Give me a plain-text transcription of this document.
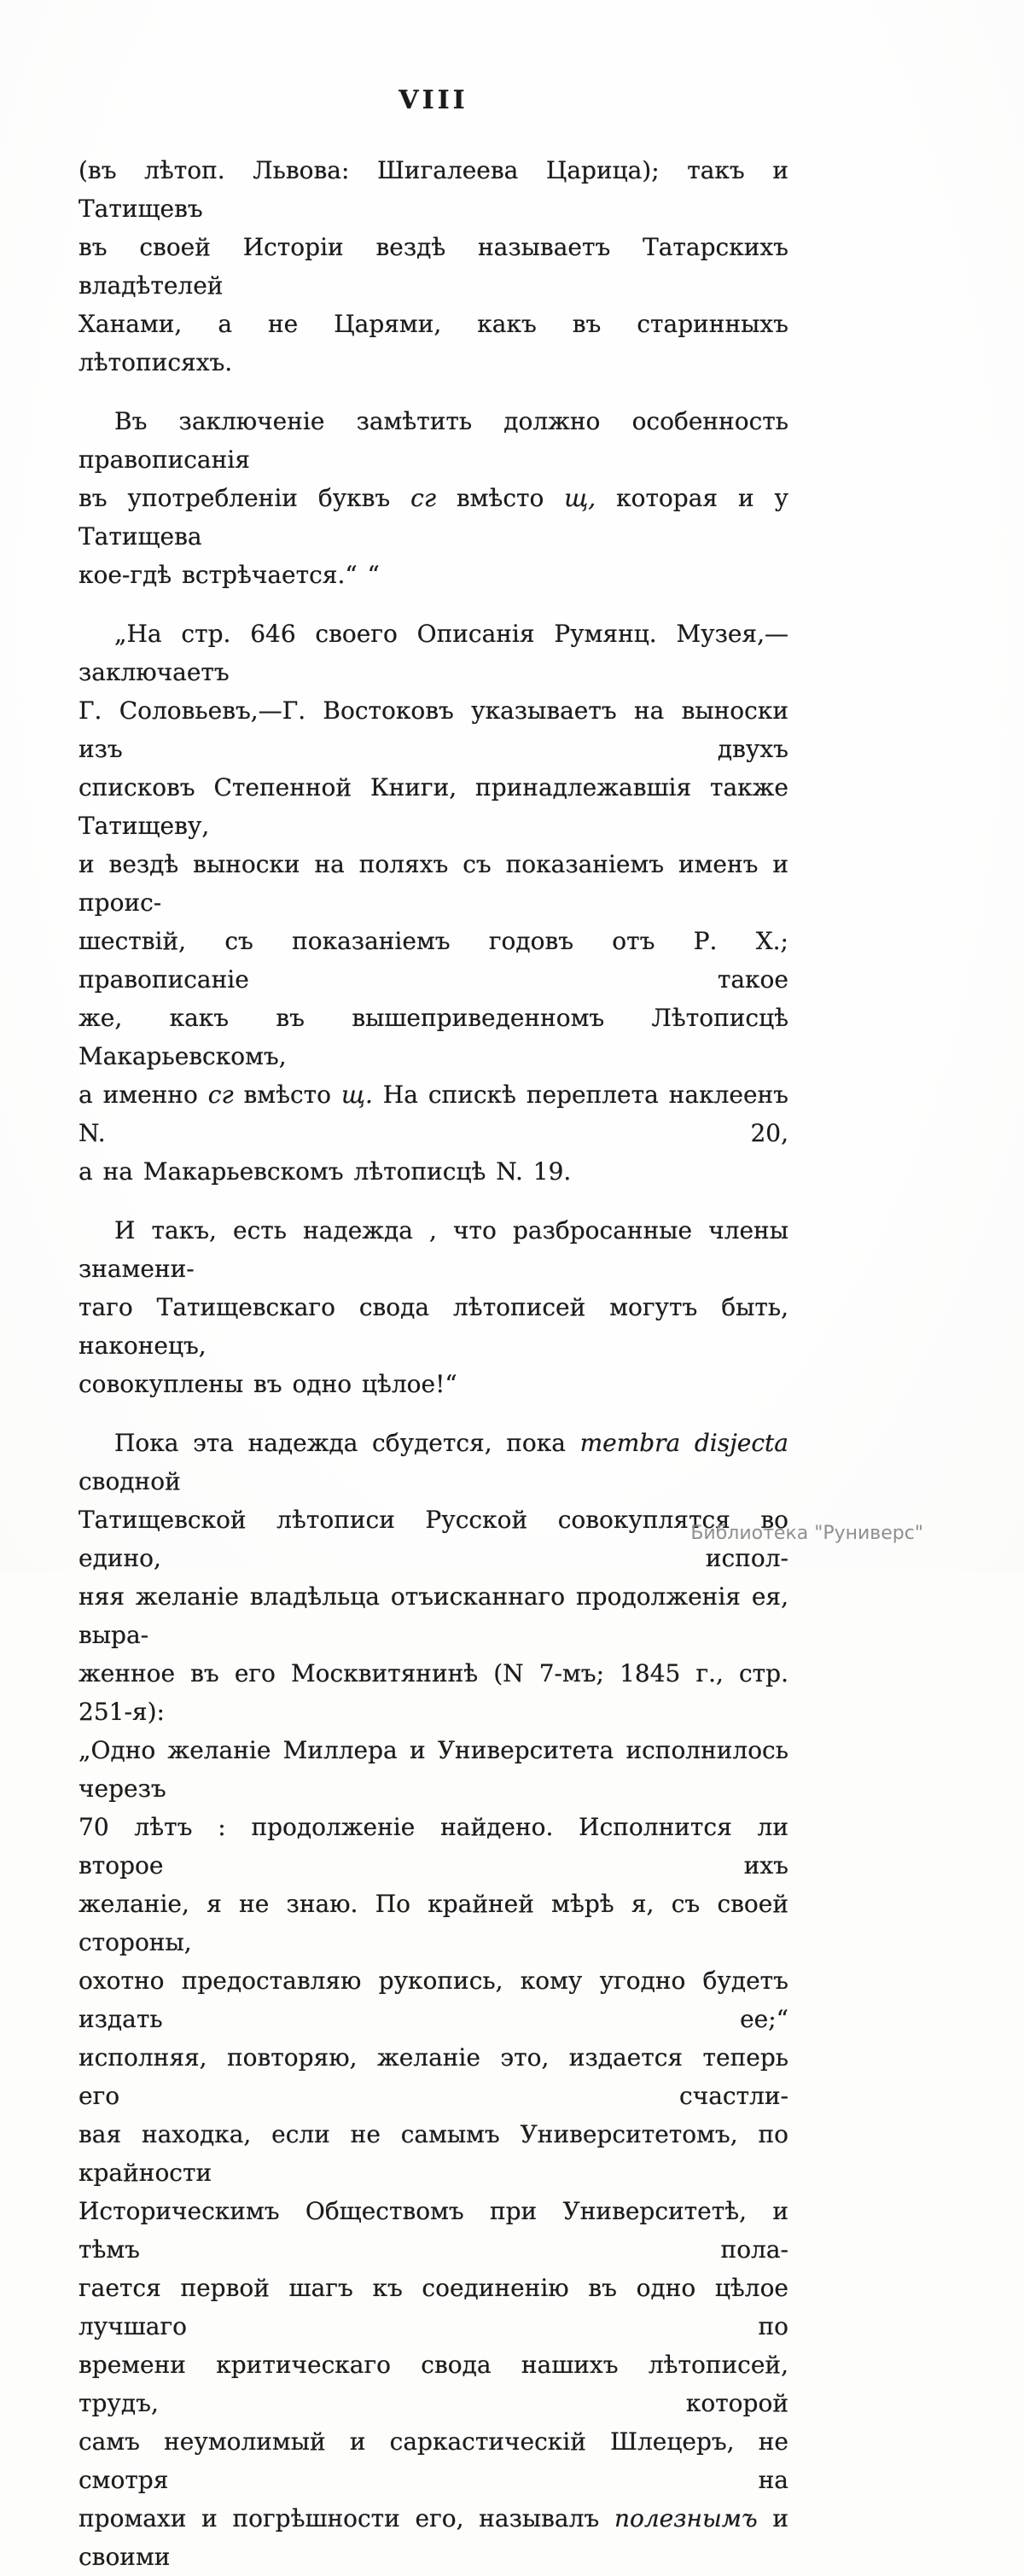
VIII
(въ лѣтоп. Львова: Шигалеева Царица); такъ и Татищевъ
въ своей Исторіи вездѣ называетъ Татарскихъ владѣтелей
Ханами, а не Царями, какъ въ старинныхъ лѣтописяхъ.
Въ заключеніе замѣтить должно особенность правописанія
въ употребленіи буквъ сг вмѣсто щ, которая и у Татищева
кое-гдѣ встрѣчается.“ “
„На стр. 646 своего Описанія Румянц. Музея,—заключаетъ
Г. Соловьевъ,—Г. Востоковъ указываетъ на выноски изъ двухъ
списковъ Степенной Книги, принадлежавшія также Татищеву,
и вездѣ выноски на поляхъ съ показаніемъ именъ и проис-
шествій, съ показаніемъ годовъ отъ Р. Х.; правописаніе такое
же, какъ въ вышеприведенномъ Лѣтописцѣ Макарьевскомъ,
а именно сг вмѣсто щ. На спискѣ переплета наклеенъ N. 20,
а на Макарьевскомъ лѣтописцѣ N. 19.
И такъ, есть надежда , что разбросанные члены знамени-
таго Татищевскаго свода лѣтописей могутъ быть, наконецъ,
совокуплены въ одно цѣлое!“
Пока эта надежда сбудется, пока membra disjecta сводной
Татищевской лѣтописи Русской совокуплятся во едино, испол-
няя желаніе владѣльца отъисканнаго продолженія ея, выра-
женное въ его Москвитянинѣ (N 7-мъ; 1845 г., стр. 251-я):
„Одно желаніе Миллера и Университета исполнилось черезъ
70 лѣтъ : продолженіе найдено. Исполнится ли второе ихъ
желаніе, я не знаю. По крайней мѣрѣ я, съ своей стороны,
охотно предоставляю рукопись, кому угодно будетъ издать ее;“
исполняя, повторяю, желаніе это, издается теперь его счастли-
вая находка, если не самымъ Университетомъ, по крайности
Историческимъ Обществомъ при Университетѣ, и тѣмъ пола-
гается первой шагъ къ соединенію въ одно цѣлое лучшаго по
времени критическаго свода нашихъ лѣтописей, трудъ, которой
самъ неумолимый и саркастическій Шлецеръ, не смотря на
промахи и погрѣшности его, называлъ полезнымъ и своими
Библиотека "Руниверс"
